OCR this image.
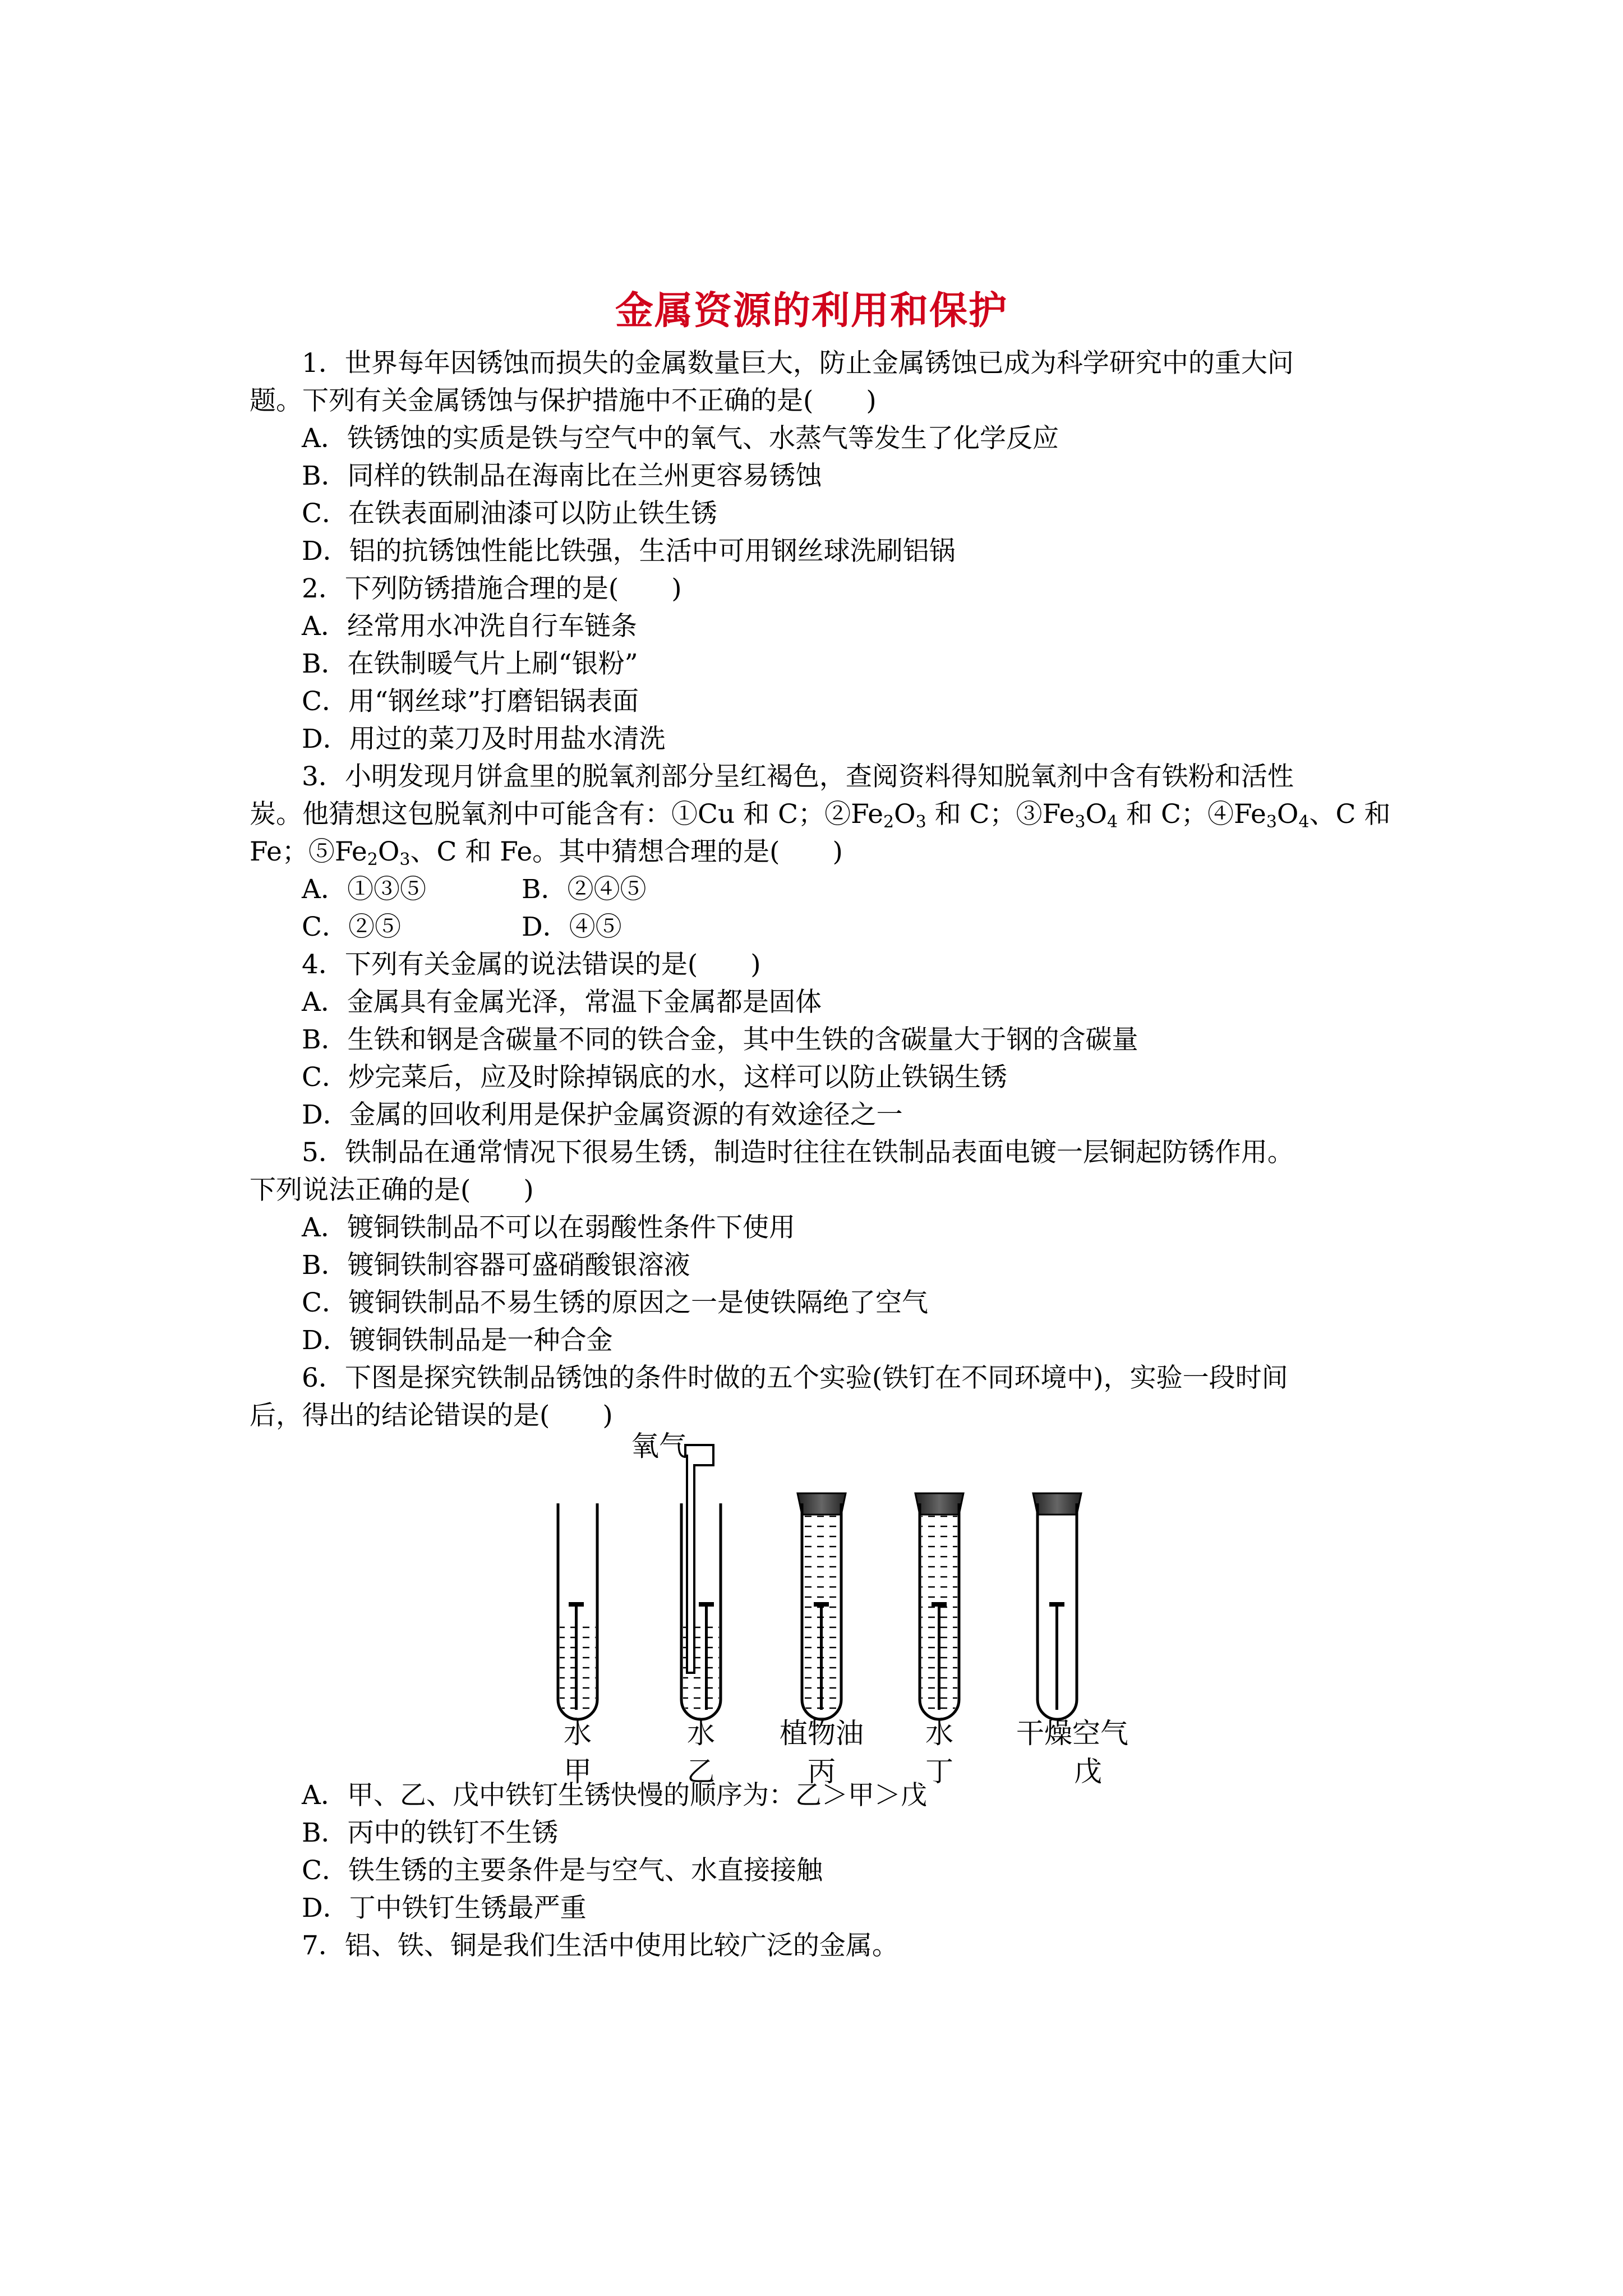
金属资源的利用和保护
1．世界每年因锈蚀而损失的金属数量巨大，防止金属锈蚀已成为科学研究中的重大问
题。下列有关金属锈蚀与保护措施中不正确的是(　　)
A．铁锈蚀的实质是铁与空气中的氧气、水蒸气等发生了化学反应
B．同样的铁制品在海南比在兰州更容易锈蚀
C．在铁表面刷油漆可以防止铁生锈
D．铝的抗锈蚀性能比铁强，生活中可用钢丝球洗刷铝锅
2．下列防锈措施合理的是(　　)
A．经常用水冲洗自行车链条
B．在铁制暖气片上刷“银粉”
C．用“钢丝球”打磨铝锅表面
D．用过的菜刀及时用盐水清洗
3．小明发现月饼盒里的脱氧剂部分呈红褐色，查阅资料得知脱氧剂中含有铁粉和活性
炭。他猜想这包脱氧剂中可能含有：①Cu 和 C；$②Fe_2O_3$ 和 C；$③Fe_3O_4$ 和 C；$④Fe_3O_4$、C 和
Fe；$⑤Fe_2O_3$、C 和 Fe。其中猜想合理的是(　　)
A．①③⑤	B．②④⑤
C．②⑤	D．④⑤
4．下列有关金属的说法错误的是(　　)
A．金属具有金属光泽，常温下金属都是固体
B．生铁和钢是含碳量不同的铁合金，其中生铁的含碳量大于钢的含碳量
C．炒完菜后，应及时除掉锅底的水，这样可以防止铁锅生锈
D．金属的回收利用是保护金属资源的有效途径之一
5．铁制品在通常情况下很易生锈，制造时往往在铁制品表面电镀一层铜起防锈作用。
下列说法正确的是(　　)
A．镀铜铁制品不可以在弱酸性条件下使用
B．镀铜铁制容器可盛硝酸银溶液
C．镀铜铁制品不易生锈的原因之一是使铁隔绝了空气
D．镀铜铁制品是一种合金
6．下图是探究铁制品锈蚀的条件时做的五个实验(铁钉在不同环境中)，实验一段时间
后，得出的结论错误的是(　　)
氧气
水	水 植物油 水 干燥空气
甲	乙	丙	丁	戊
A．甲、乙、戊中铁钉生锈快慢的顺序为：乙＞甲＞戊
B．丙中的铁钉不生锈
C．铁生锈的主要条件是与空气、水直接接触
D．丁中铁钉生锈最严重
7．铝、铁、铜是我们生活中使用比较广泛的金属。
